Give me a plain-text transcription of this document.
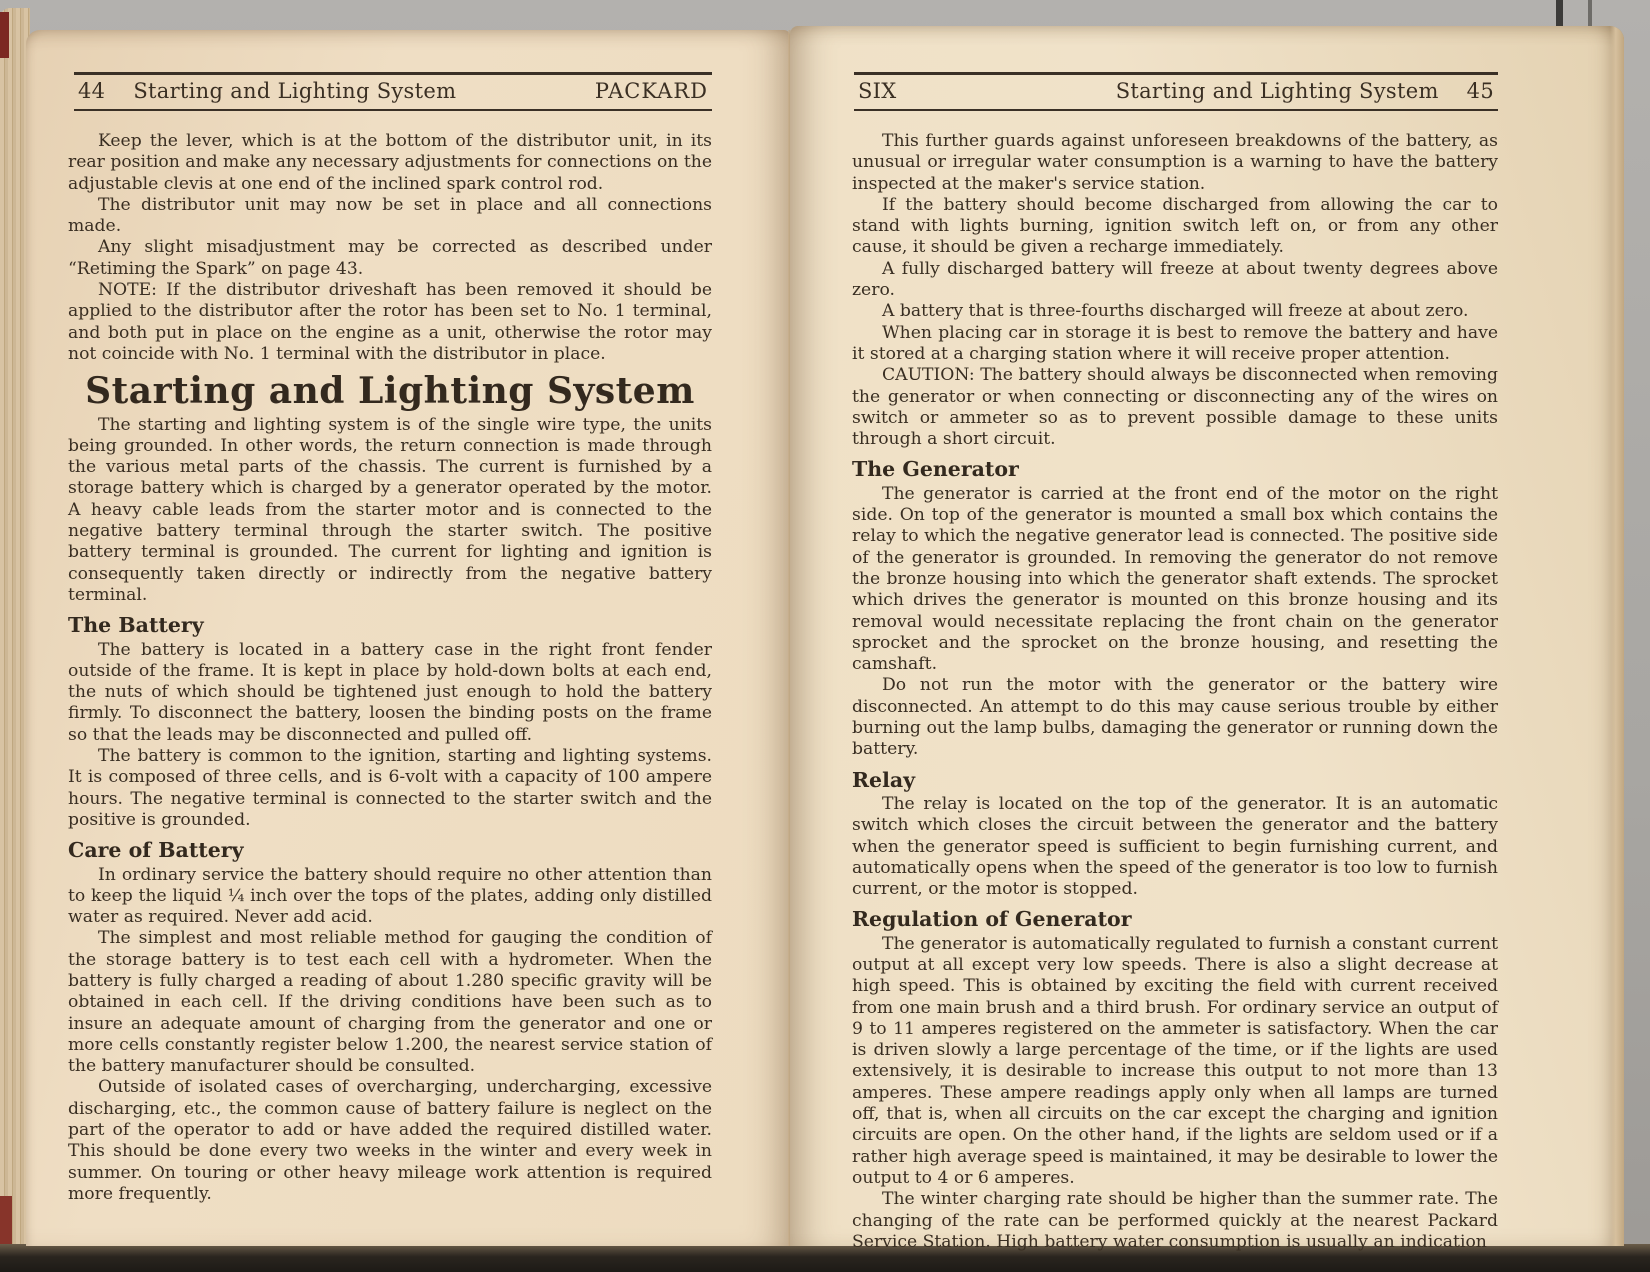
44 Starting and Lighting System	PACKARD

Keep the lever, which is at the bottom of the distributor unit, in its rear position and make any necessary adjustments for connections on the adjustable clevis at one end of the inclined spark control rod.

The distributor unit may now be set in place and all connections made.

Any slight misadjustment may be corrected as described under “Retiming the Spark” on page 43.

NOTE: If the distributor driveshaft has been removed it should be applied to the distributor after the rotor has been set to No. 1 terminal, and both put in place on the engine as a unit, otherwise the rotor may not coincide with No. 1 terminal with the distributor in place.

Starting and Lighting System

The starting and lighting system is of the single wire type, the units being grounded. In other words, the return connection is made through the various metal parts of the chassis. The current is furnished by a storage battery which is charged by a generator operated by the motor. A heavy cable leads from the starter motor and is connected to the negative battery terminal through the starter switch. The positive battery terminal is grounded. The current for lighting and ignition is consequently taken directly or indirectly from the negative battery terminal.

The Battery

The battery is located in a battery case in the right front fender outside of the frame. It is kept in place by hold-down bolts at each end, the nuts of which should be tightened just enough to hold the battery firmly. To disconnect the battery, loosen the binding posts on the frame so that the leads may be disconnected and pulled off.

The battery is common to the ignition, starting and lighting systems. It is composed of three cells, and is 6-volt with a capacity of 100 ampere hours. The negative terminal is connected to the starter switch and the positive is grounded.

Care of Battery

In ordinary service the battery should require no other attention than to keep the liquid ¼ inch over the tops of the plates, adding only distilled water as required. Never add acid.

The simplest and most reliable method for gauging the condition of the storage battery is to test each cell with a hydrometer. When the battery is fully charged a reading of about 1.280 specific gravity will be obtained in each cell. If the driving conditions have been such as to insure an adequate amount of charging from the generator and one or more cells constantly register below 1.200, the nearest service station of the battery manufacturer should be consulted.

Outside of isolated cases of overcharging, undercharging, excessive discharging, etc., the common cause of battery failure is neglect on the part of the operator to add or have added the required distilled water. This should be done every two weeks in the winter and every week in summer. On touring or other heavy mileage work attention is required more frequently.

SIX	Starting and Lighting System 45

This further guards against unforeseen breakdowns of the battery, as unusual or irregular water consumption is a warning to have the battery inspected at the maker's service station.

If the battery should become discharged from allowing the car to stand with lights burning, ignition switch left on, or from any other cause, it should be given a recharge immediately.

A fully discharged battery will freeze at about twenty degrees above zero.

A battery that is three-fourths discharged will freeze at about zero.

When placing car in storage it is best to remove the battery and have it stored at a charging station where it will receive proper attention.

CAUTION: The battery should always be disconnected when removing the generator or when connecting or disconnecting any of the wires on switch or ammeter so as to prevent possible damage to these units through a short circuit.

The Generator

The generator is carried at the front end of the motor on the right side. On top of the generator is mounted a small box which contains the relay to which the negative generator lead is connected. The positive side of the generator is grounded. In removing the generator do not remove the bronze housing into which the generator shaft extends. The sprocket which drives the generator is mounted on this bronze housing and its removal would necessitate replacing the front chain on the generator sprocket and the sprocket on the bronze housing, and resetting the camshaft.

Do not run the motor with the generator or the battery wire disconnected. An attempt to do this may cause serious trouble by either burning out the lamp bulbs, damaging the generator or running down the battery.

Relay

The relay is located on the top of the generator. It is an automatic switch which closes the circuit between the generator and the battery when the generator speed is sufficient to begin furnishing current, and automatically opens when the speed of the generator is too low to furnish current, or the motor is stopped.

Regulation of Generator

The generator is automatically regulated to furnish a constant current output at all except very low speeds. There is also a slight decrease at high speed. This is obtained by exciting the field with current received from one main brush and a third brush. For ordinary service an output of 9 to 11 amperes registered on the ammeter is satisfactory. When the car is driven slowly a large percentage of the time, or if the lights are used extensively, it is desirable to increase this output to not more than 13 amperes. These ampere readings apply only when all lamps are turned off, that is, when all circuits on the car except the charging and ignition circuits are open. On the other hand, if the lights are seldom used or if a rather high average speed is maintained, it may be desirable to lower the output to 4 or 6 amperes.

The winter charging rate should be higher than the summer rate. The changing of the rate can be performed quickly at the nearest Packard Service Station. High battery water consumption is usually an indication
